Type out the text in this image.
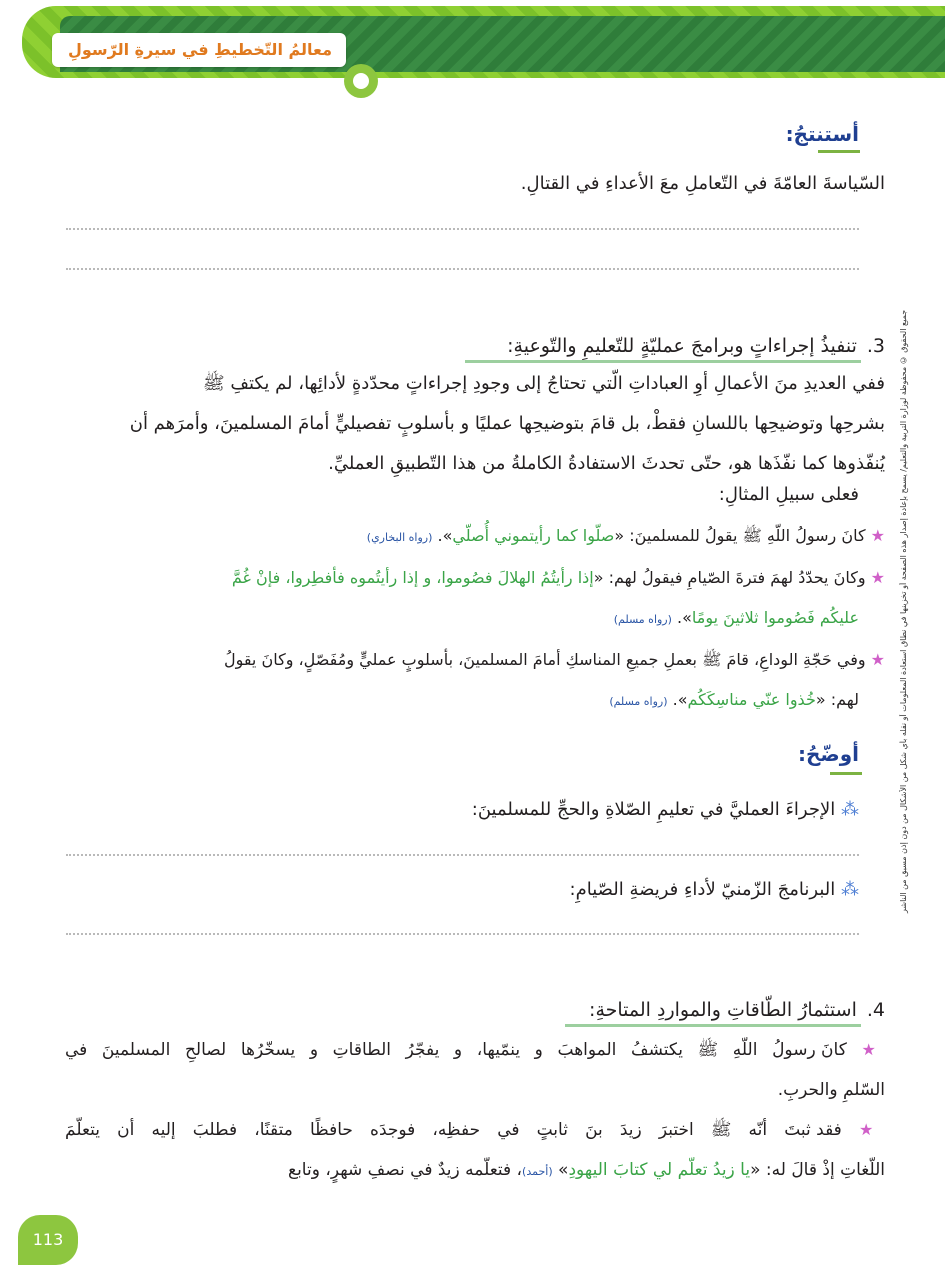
معالمُ التّخطيطِ في سيرةِ الرّسولِ
جميع الحقوق © محفوظة لوزارة التربية والتعليم/ يسمح بإعادة إصدار هذه الصفحة أو تخزينها في نطاق استعادة المعلومات أو نقله بأي شكل من الأشكال من دون إذن مسبق من الناشر
أستنتجُ:
السّياسةَ العامّةَ في التّعاملِ معَ الأعداءِ في القتالِ.
3.تنفيذُ إجراءاتٍ وبرامجَ عمليّةٍ للتّعليمِ والتّوعيةِ:
ففي العديدِ منَ الأعمالِ أوِ العباداتِ الّتي تحتاجُ إلى وجودِ إجراءاتٍ محدّدةٍ لأدائِها، لم يكتفِ ﷺ
بشرحِها وتوضيحِها باللسانِ فقطْ، بل قامَ بتوضيحِها عمليًا و بأسلوبٍ تفصيليٍّ أمامَ المسلمينَ، وأمرَهم أن
يُنفّذوها كما نفّذَها هو، حتّى تحدثَ الاستفادةُ الكاملةُ من هذا التّطبيقِ العمليِّ.
فعلى سبيلِ المثالِ:
★ كانَ رسولُ اللّهِ ﷺ يقولُ للمسلمينَ: «صلّوا كما رأيتموني أُصلّي». (رواه البخاري)
★ وكانَ يحدّدُ لهمَ فترةَ الصّيامِ فيقولُ لهم: «إذا رأيتُمُ الهلالَ فصُوموا، و إذا رأيتُموه فأفطِروا، فإنْ غُمَّ
عليكُم فَصُوموا ثلاثينَ يومًا». (رواه مسلم)
★ وفي حَجّةِ الوداعِ، قامَ ﷺ بعملِ جميعِ المناسكِ أمامَ المسلمينَ، بأسلوبٍ عمليٍّ ومُفَصّلٍ، وكانَ يقولُ
لهم: «خُذوا عنّي مناسِكَكُم». (رواه مسلم)
أوضّحُ:
⁂ الإجراءَ العمليَّ في تعليمِ الصّلاةِ والحجِّ للمسلمينَ:
⁂ البرنامجَ الزّمنيّ لأداءِ فريضةِ الصّيامِ:
4.استثمارُ الطّاقاتِ والمواردِ المتاحةِ:
★ كانَ رسولُ اللّهِ ﷺ يكتشفُ المواهبَ و ينمّيها، و يفجّرُ الطاقاتِ و يسخّرُها لصالحِ المسلمينَ في
السّلمِ والحربِ.
★ فقد ثبتَ أنّه ﷺ اختبرَ زيدَ بنَ ثابتٍ في حفظِه، فوجدَه حافظًا متقنًا، فطلبَ إليه أن يتعلّمَ
اللّغاتِ إذْ قالَ له: «يا زيدُ تعلّم لي كتابَ اليهودِ» (أحمد)، فتعلّمه زيدٌ في نصفِ شهرٍ، وتابع
113
